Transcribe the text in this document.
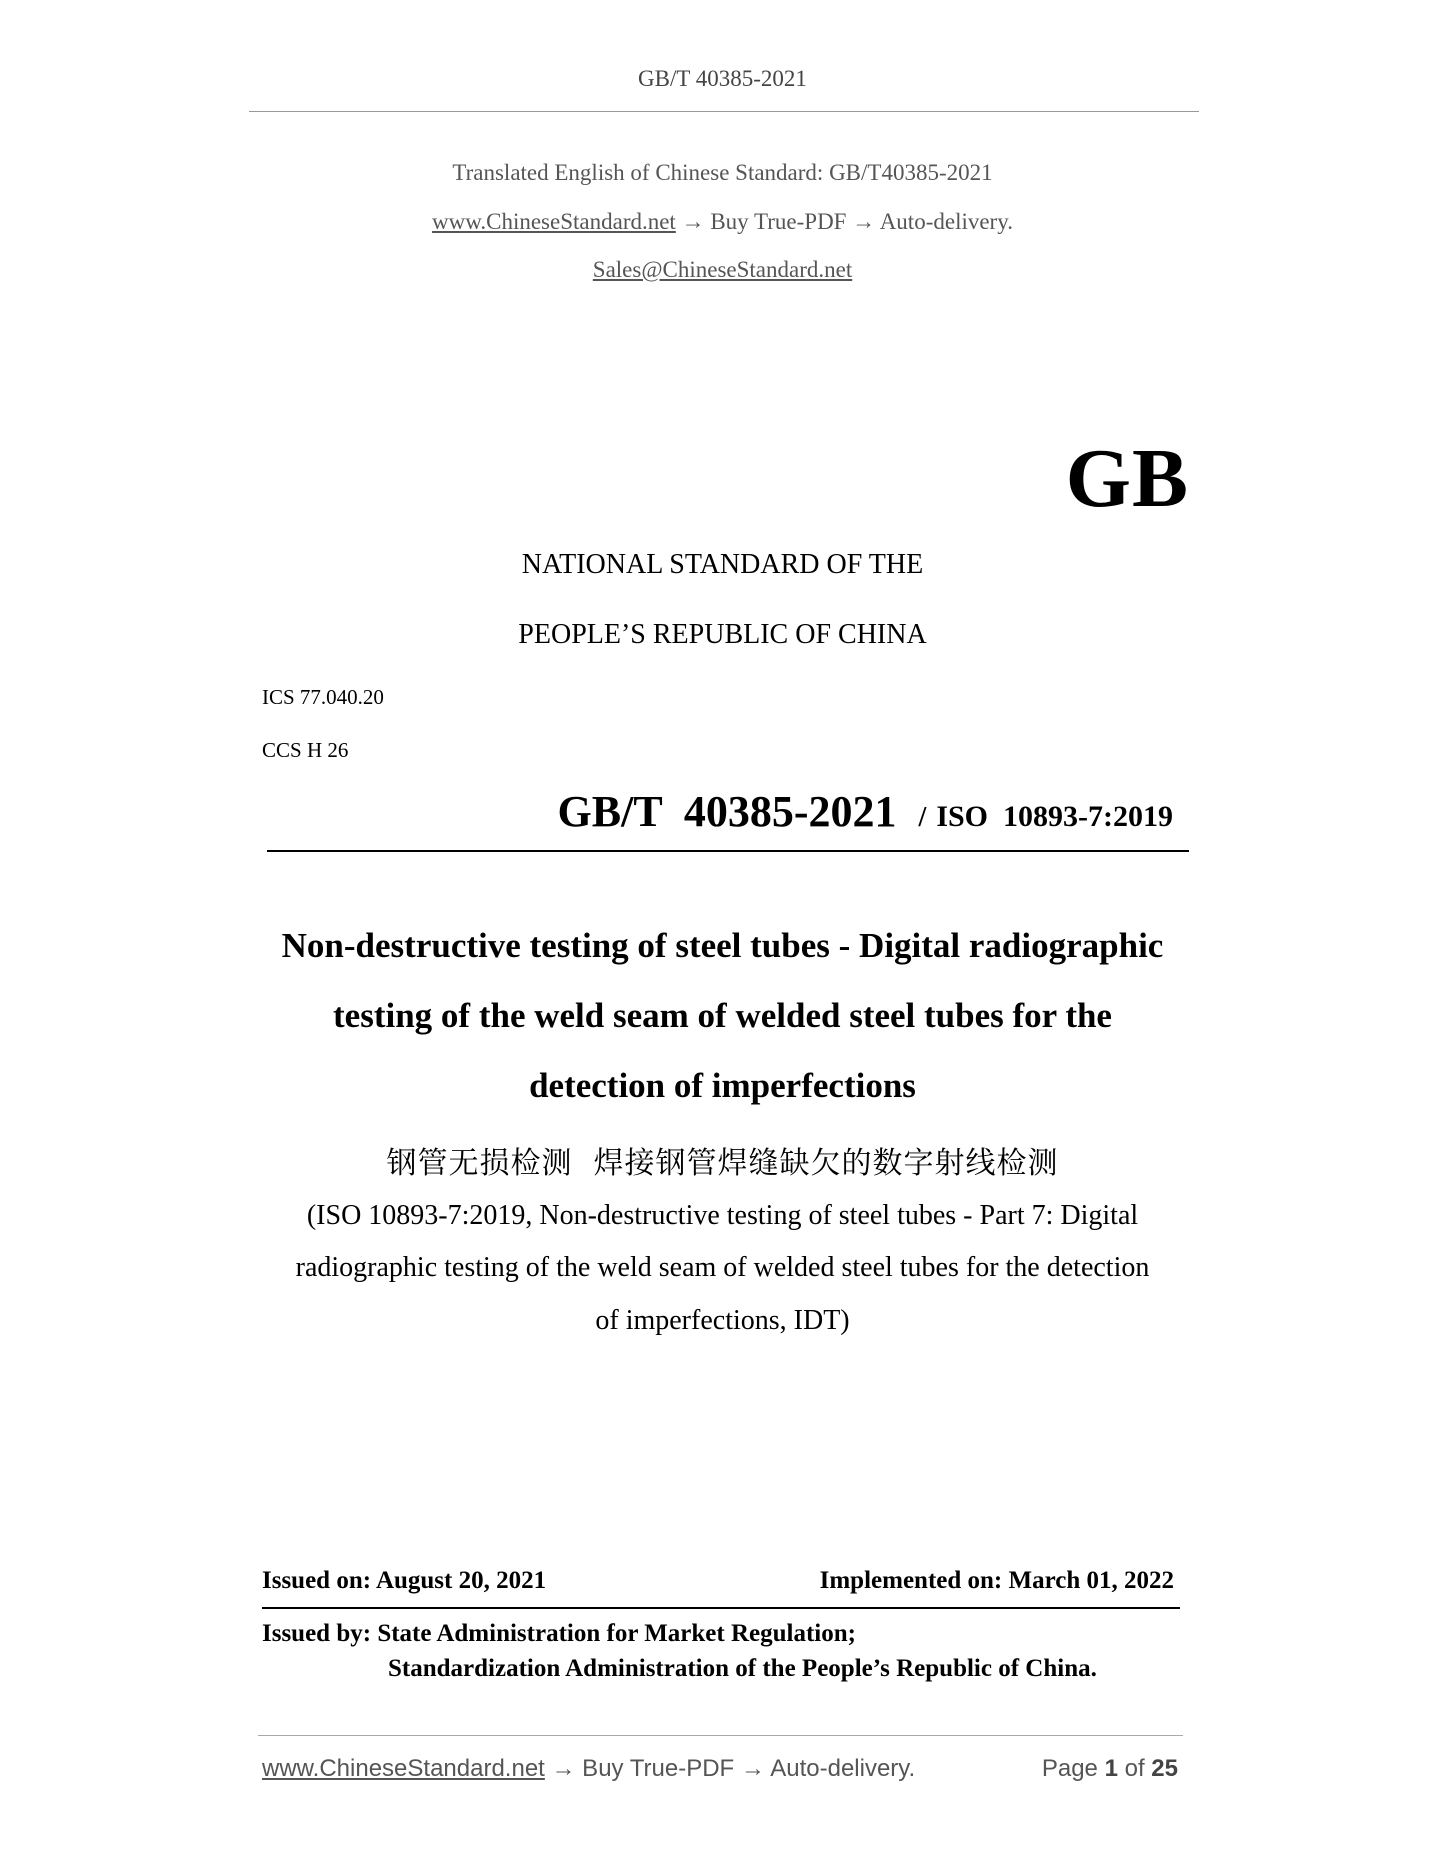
GB/T 40385-2021
Translated English of Chinese Standard: GB/T40385-2021
www.ChineseStandard.net → Buy True-PDF → Auto-delivery.
Sales@ChineseStandard.net
GB
NATIONAL STANDARD OF THE
PEOPLE’S REPUBLIC OF CHINA
ICS 77.040.20
CCS H 26
GB/T  40385-2021 / ISO  10893-7:2019
Non-destructive testing of steel tubes - Digital radiographic
testing of the weld seam of welded steel tubes for the
detection of imperfections
钢管无损检测  焊接钢管焊缝缺欠的数字射线检测
(ISO 10893-7:2019, Non-destructive testing of steel tubes - Part 7: Digital
radiographic testing of the weld seam of welded steel tubes for the detection
of imperfections, IDT)
Issued on: August 20, 2021	Implemented on: March 01, 2022
Issued by: State Administration for Market Regulation;
Standardization Administration of the People’s Republic of China.
www.ChineseStandard.net → Buy True-PDF → Auto-delivery.	Page 1 of 25
